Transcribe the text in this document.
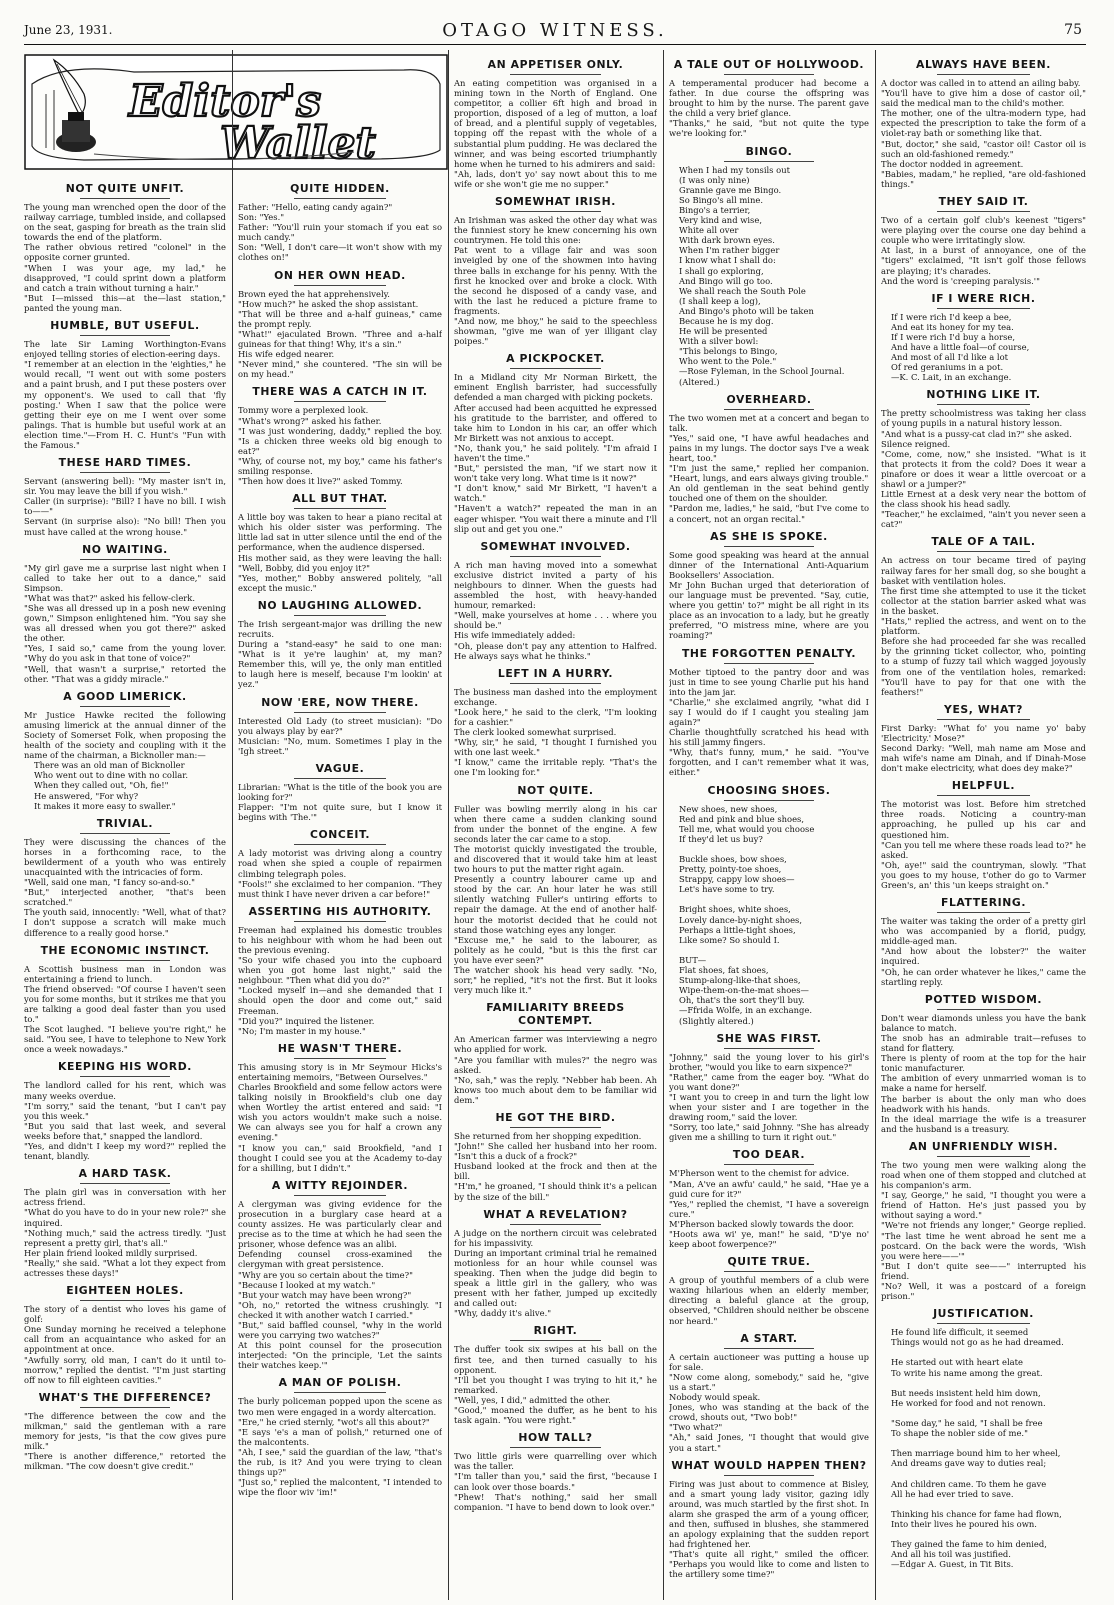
June 23, 1931.	OTAGO WITNESS.	75
Editor's
Wallet
NOT QUITE UNFIT.

The young man wrenched open the door of the railway carriage, tumbled inside, and collapsed on the seat, gasping for breath as the train slid towards the end of the platform.
The rather obvious retired "colonel" in the opposite corner grunted.
"When I was your age, my lad," he disapproved, "I could sprint down a platform and catch a train without turning a hair."
"But I—missed this—at the—last station," panted the young man.

HUMBLE, BUT USEFUL.

The late Sir Laming Worthington-Evans enjoyed telling stories of election-eering days.
"I remember at an election in the 'eighties," he would recall, "I went out with some posters and a paint brush, and I put these posters over my opponent's. We used to call that 'fly posting.' When I saw that the police were getting their eye on me I went over some palings. That is humble but useful work at an election time."—From H. C. Hunt's "Fun with the Famous."

THESE HARD TIMES.

Servant (answering bell): "My master isn't in, sir. You may leave the bill if you wish."
Caller (in surprise): "Bill? I have no bill. I wish to——"
Servant (in surprise also): "No bill! Then you must have called at the wrong house."

NO WAITING.

"My girl gave me a surprise last night when I called to take her out to a dance," said Simpson.
"What was that?" asked his fellow-clerk.
"She was all dressed up in a posh new evening gown," Simpson enlightened him. "You say she was all dressed when you got there?" asked the other.
"Yes, I said so," came from the young lover. "Why do you ask in that tone of voice?"
"Well, that wasn't a surprise," retorted the other. "That was a giddy miracle."

A GOOD LIMERICK.

Mr Justice Hawke recited the following amusing limerick at the annual dinner of the Society of Somerset Folk, when proposing the health of the society and coupling with it the name of the chairman, a Bicknoller man:—

There was an old man of Bicknoller
Who went out to dine with no collar.
When they called out, "Oh, fie!"
He answered, "For why?
It makes it more easy to swaller."

TRIVIAL.

They were discussing the chances of the horses in a forthcoming race, to the bewilderment of a youth who was entirely unacquainted with the intricacies of form.
"Well, said one man, "I fancy so-and-so."
"But," interjected another, "that's been scratched."
The youth said, innocently: "Well, what of that? I don't suppose a scratch will make much difference to a really good horse."

THE ECONOMIC INSTINCT.

A Scottish business man in London was entertaining a friend to lunch.
The friend observed: "Of course I haven't seen you for some months, but it strikes me that you are talking a good deal faster than you used to."
The Scot laughed. "I believe you're right," he said. "You see, I have to telephone to New York once a week nowadays."

KEEPING HIS WORD.

The landlord called for his rent, which was many weeks overdue.
"I'm sorry," said the tenant, "but I can't pay you this week."
"But you said that last week, and several weeks before that," snapped the landlord.
"Yes, and didn't I keep my word?" replied the tenant, blandly.

A HARD TASK.

The plain girl was in conversation with her actress friend.
"What do you have to do in your new role?" she inquired.
"Nothing much," said the actress tiredly. "Just represent a pretty girl, that's all."
Her plain friend looked mildly surprised.
"Really," she said. "What a lot they expect from actresses these days!"

EIGHTEEN HOLES.

The story of a dentist who loves his game of golf:
One Sunday morning he received a telephone call from an acquaintance who asked for an appointment at once.
"Awfully sorry, old man, I can't do it until to-morrow," replied the dentist. "I'm just starting off now to fill eighteen cavities."

WHAT'S THE DIFFERENCE?

"The difference between the cow and the milkman," said the gentleman with a rare memory for jests, "is that the cow gives pure milk."
"There is another difference," retorted the milkman. "The cow doesn't give credit."

QUITE HIDDEN.

Father: "Hello, eating candy again?"
Son: "Yes."
Father: "You'll ruin your stomach if you eat so much candy."
Son: "Well, I don't care—it won't show with my clothes on!"

ON HER OWN HEAD.

Brown eyed the hat apprehensively.
"How much?" he asked the shop assistant.
"That will be three and a-half guineas," came the prompt reply.
"What!" ejaculated Brown. "Three and a-half guineas for that thing! Why, it's a sin."
His wife edged nearer.
"Never mind," she countered. "The sin will be on my head."

THERE WAS A CATCH IN IT.

Tommy wore a perplexed look.
"What's wrong?" asked his father.
"I was just wondering, daddy," replied the boy. "Is a chicken three weeks old big enough to eat?"
"Why, of course not, my boy," came his father's smiling response.
"Then how does it live?" asked Tommy.

ALL BUT THAT.

A little boy was taken to hear a piano recital at which his older sister was performing. The little lad sat in utter silence until the end of the performance, when the audience dispersed.
His mother said, as they were leaving the hall: "Well, Bobby, did you enjoy it?"
"Yes, mother," Bobby answered politely, "all except the music."

NO LAUGHING ALLOWED.

The Irish sergeant-major was drilling the new recruits.
During a "stand-easy" he said to one man: "What is it ye're laughin' at, my man? Remember this, will ye, the only man entitled to laugh here is meself, because I'm lookin' at yez."

NOW 'ERE, NOW THERE.

Interested Old Lady (to street musician): "Do you always play by ear?"
Musician: "No, mum. Sometimes I play in the 'Igh street."

VAGUE.

Librarian: "What is the title of the book you are looking for?"
Flapper: "I'm not quite sure, but I know it begins with 'The.'"

CONCEIT.

A lady motorist was driving along a country road when she spied a couple of repairmen climbing telegraph poles.
"Fools!" she exclaimed to her companion. "They must think I have never driven a car before!"

ASSERTING HIS AUTHORITY.

Freeman had explained his domestic troubles to his neighbour with whom he had been out the previous evening.
"So your wife chased you into the cupboard when you got home last night," said the neighbour. "Then what did you do?"
"Locked myself in—and she demanded that I should open the door and come out," said Freeman.
"Did you?" inquired the listener.
"No; I'm master in my house."

HE WASN'T THERE.

This amusing story is in Mr Seymour Hicks's entertaining memoirs, "Between Ourselves."
Charles Brookfield and some fellow actors were talking noisily in Brookfield's club one day when Wortley the artist entered and said: "I wish you actors wouldn't make such a noise. We can always see you for half a crown any evening."
"I know you can," said Brookfield, "and I thought I could see you at the Academy to-day for a shilling, but I didn't."

A WITTY REJOINDER.

A clergyman was giving evidence for the prosecution in a burglary case heard at a county assizes. He was particularly clear and precise as to the time at which he had seen the prisoner, whose defence was an alibi.
Defending counsel cross-examined the clergyman with great persistence.
"Why are you so certain about the time?"
"Because I looked at my watch."
"But your watch may have been wrong?"
"Oh, no," retorted the witness crushingly. "I checked it with another watch I carried."
"But," said baffled counsel, "why in the world were you carrying two watches?"
At this point counsel for the prosecution interjected: "On the principle, 'Let the saints their watches keep.'"

A MAN OF POLISH.

The burly policeman popped upon the scene as two men were engaged in a wordy altercation.
"Ere," he cried sternly, "wot's all this about?"
"E says 'e's a man of polish," returned one of the malcontents.
"Ah, I see," said the guardian of the law, "that's the rub, is it? And you were trying to clean things up?"
"Just so," replied the malcontent, "I intended to wipe the floor wiv 'im!"

AN APPETISER ONLY.

An eating competition was organised in a mining town in the North of England. One competitor, a collier 6ft high and broad in proportion, disposed of a leg of mutton, a loaf of bread, and a plentiful supply of vegetables, topping off the repast with the whole of a substantial plum pudding. He was declared the winner, and was being escorted triumphantly home when he turned to his admirers and said:
"Ah, lads, don't yo' say nowt about this to me wife or she won't gie me no supper."

SOMEWHAT IRISH.

An Irishman was asked the other day what was the funniest story he knew concerning his own countrymen. He told this one:
Pat went to a village fair and was soon inveigled by one of the showmen into having three balls in exchange for his penny. With the first he knocked over and broke a clock. With the second he disposed of a candy vase, and with the last he reduced a picture frame to fragments.
"And now, me bhoy," he said to the speechless showman, "give me wan of yer illigant clay poipes."

A PICKPOCKET.

In a Midland city Mr Norman Birkett, the eminent English barrister, had successfully defended a man charged with picking pockets.
After accused had been acquitted he expressed his gratitude to the barrister, and offered to take him to London in his car, an offer which Mr Birkett was not anxious to accept.
"No, thank you," he said politely. "I'm afraid I haven't the time."
"But," persisted the man, "if we start now it won't take very long. What time is it now?"
"I don't know," said Mr Birkett, "I haven't a watch."
"Haven't a watch?" repeated the man in an eager whisper. "You wait there a minute and I'll slip out and get you one."

SOMEWHAT INVOLVED.

A rich man having moved into a somewhat exclusive district invited a party of his neighbours to dinner. When the guests had assembled the host, with heavy-handed humour, remarked:
"Well, make yourselves at home . . . where you should be."
His wife immediately added:
"Oh, please don't pay any attention to Halfred. He always says what he thinks."

LEFT IN A HURRY.

The business man dashed into the employment exchange.
"Look here," he said to the clerk, "I'm looking for a cashier."
The clerk looked somewhat surprised.
"Why, sir," he said, "I thought I furnished you with one last week."
"I know," came the irritable reply. "That's the one I'm looking for."

NOT QUITE.

Fuller was bowling merrily along in his car when there came a sudden clanking sound from under the bonnet of the engine. A few seconds later the car came to a stop.
The motorist quickly investigated the trouble, and discovered that it would take him at least two hours to put the matter right again.
Presently a country labourer came up and stood by the car. An hour later he was still silently watching Fuller's untiring efforts to repair the damage. At the end of another half-hour the motorist decided that he could not stand those watching eyes any longer.
"Excuse me," he said to the labourer, as politely as he could, "but is this the first car you have ever seen?"
The watcher shook his head very sadly. "No, sorr," he replied, "it's not the first. But it looks very much like it."

FAMILIARITY BREEDS CONTEMPT.

An American farmer was interviewing a negro who applied for work.
"Are you familiar with mules?" the negro was asked.
"No, sah," was the reply. "Nebber hab been. Ah knows too much about dem to be familiar wid dem."

HE GOT THE BIRD.

She returned from her shopping expedition.
"John!" She called her husband into her room. "Isn't this a duck of a frock?"
Husband looked at the frock and then at the bill.
"H'm," he groaned, "I should think it's a pelican by the size of the bill."

WHAT A REVELATION?

A judge on the northern circuit was celebrated for his impassivity.
During an important criminal trial he remained motionless for an hour while counsel was speaking. Then when the judge did begin to speak a little girl in the gallery, who was present with her father, jumped up excitedly and called out:
"Why, daddy it's alive."

RIGHT.

The duffer took six swipes at his ball on the first tee, and then turned casually to his opponent.
"I'll bet you thought I was trying to hit it," he remarked.
"Well, yes, I did," admitted the other.
"Good," moaned the duffer, as he bent to his task again. "You were right."

HOW TALL?

Two little girls were quarrelling over which was the taller.
"I'm taller than you," said the first, "because I can look over those boards."
"Phew! That's nothing," said her small companion. "I have to bend down to look over."

A TALE OUT OF HOLLYWOOD.

A temperamental producer had become a father. In due course the offspring was brought to him by the nurse. The parent gave the child a very brief glance.
"Thanks," he said, "but not quite the type we're looking for."

BINGO.

When I had my tonsils out
(I was only nine)
Grannie gave me Bingo.
So Bingo's all mine.
Bingo's a terrier,
Very kind and wise,
White all over
With dark brown eyes.
When I'm rather bigger
I know what I shall do:
I shall go exploring,
And Bingo will go too.
We shall reach the South Pole
(I shall keep a log),
And Bingo's photo will be taken
Because he is my dog.
He will be presented
With a silver bowl:
"This belongs to Bingo,
Who went to the Pole."
—Rose Fyleman, in the School Journal.
(Altered.)

OVERHEARD.

The two women met at a concert and began to talk.
"Yes," said one, "I have awful headaches and pains in my lungs. The doctor says I've a weak heart, too."
"I'm just the same," replied her companion. "Heart, lungs, and ears always giving trouble."
An old gentleman in the seat behind gently touched one of them on the shoulder.
"Pardon me, ladies," he said, "but I've come to a concert, not an organ recital."

AS SHE IS SPOKE.

Some good speaking was heard at the annual dinner of the International Anti-Aquarium Booksellers' Association.
Mr John Buchan urged that deterioration of our language must be prevented. "Say, cutie, where you gettin' to?" might be all right in its place as an invocation to a lady, but he greatly preferred, "O mistress mine, where are you roaming?"

THE FORGOTTEN PENALTY.

Mother tiptoed to the pantry door and was just in time to see young Charlie put his hand into the jam jar.
"Charlie," she exclaimed angrily, "what did I say I would do if I caught you stealing jam again?"
Charlie thoughtfully scratched his head with his still jammy fingers.
"Why, that's funny, mum," he said. "You've forgotten, and I can't remember what it was, either."

CHOOSING SHOES.

New shoes, new shoes,
Red and pink and blue shoes,
Tell me, what would you choose
If they'd let us buy?

Buckle shoes, bow shoes,
Pretty, pointy-toe shoes,
Strappy, cappy low shoes—
Let's have some to try.

Bright shoes, white shoes,
Lovely dance-by-night shoes,
Perhaps a little-tight shoes,
Like some? So should I.

BUT—
Flat shoes, fat shoes,
Stump-along-like-that shoes,
Wipe-them-on-the-mat shoes—
Oh, that's the sort they'll buy.
—Ffrida Wolfe, in an exchange.
(Slightly altered.)

SHE WAS FIRST.

"Johnny," said the young lover to his girl's brother, "would you like to earn sixpence?"
"Rather," came from the eager boy. "What do you want done?"
"I want you to creep in and turn the light low when your sister and I are together in the drawing room," said the lover.
"Sorry, too late," said Johnny. "She has already given me a shilling to turn it right out."

TOO DEAR.

M'Pherson went to the chemist for advice.
"Man, A've an awfu' cauld," he said, "Hae ye a guid cure for it?"
"Yes," replied the chemist, "I have a sovereign cure."
M'Pherson backed slowly towards the door.
"Hoots awa wi' ye, man!" he said, "D'ye no' keep aboot fowerpence?"

QUITE TRUE.

A group of youthful members of a club were waxing hilarious when an elderly member, directing a baleful glance at the group, observed, "Children should neither be obscene nor heard."

A START.

A certain auctioneer was putting a house up for sale.
"Now come along, somebody," said he, "give us a start."
Nobody would speak.
Jones, who was standing at the back of the crowd, shouts out, "Two bob!"
"Two what?"
"Ah," said Jones, "I thought that would give you a start."

WHAT WOULD HAPPEN THEN?

Firing was just about to commence at Bisley, and a smart young lady visitor, gazing idly around, was much startled by the first shot. In alarm she grasped the arm of a young officer, and then, suffused in blushes, she stammered an apology explaining that the sudden report had frightened her.
"That's quite all right," smiled the officer. "Perhaps you would like to come and listen to the artillery some time?"

ALWAYS HAVE BEEN.

A doctor was called in to attend an ailing baby.
"You'll have to give him a dose of castor oil," said the medical man to the child's mother.
The mother, one of the ultra-modern type, had expected the prescription to take the form of a violet-ray bath or something like that.
"But, doctor," she said, "castor oil! Castor oil is such an old-fashioned remedy."
The doctor nodded in agreement.
"Babies, madam," he replied, "are old-fashioned things."

THEY SAID IT.

Two of a certain golf club's keenest "tigers" were playing over the course one day behind a couple who were irritatingly slow.
At last, in a burst of annoyance, one of the "tigers" exclaimed, "It isn't golf those fellows are playing; it's charades.
And the word is 'creeping paralysis.'"

IF I WERE RICH.

If I were rich I'd keep a bee,
And eat its honey for my tea.
If I were rich I'd buy a horse,
And have a little foal—of course,
And most of all I'd like a lot
Of red geraniums in a pot.
—K. C. Lait, in an exchange.

NOTHING LIKE IT.

The pretty schoolmistress was taking her class of young pupils in a natural history lesson.
"And what is a pussy-cat clad in?" she asked.
Silence reigned.
"Come, come, now," she insisted. "What is it that protects it from the cold? Does it wear a pinafore or does it wear a little overcoat or a shawl or a jumper?"
Little Ernest at a desk very near the bottom of the class shook his head sadly.
"Teacher," he exclaimed, "ain't you never seen a cat?"

TALE OF A TAIL.

An actress on tour became tired of paying railway fares for her small dog, so she bought a basket with ventilation holes.
The first time she attempted to use it the ticket collector at the station barrier asked what was in the basket.
"Hats," replied the actress, and went on to the platform.
Before she had proceeded far she was recalled by the grinning ticket collector, who, pointing to a stump of fuzzy tail which wagged joyously from one of the ventilation holes, remarked: "You'll have to pay for that one with the feathers!"

YES, WHAT?

First Darky: "What fo' you name yo' baby 'Electricity.' Mose?"
Second Darky: "Well, mah name am Mose and mah wife's name am Dinah, and if Dinah-Mose don't make electricity, what does dey make?"

HELPFUL.

The motorist was lost. Before him stretched three roads. Noticing a country-man approaching, he pulled up his car and questioned him.
"Can you tell me where these roads lead to?" he asked.
"Oh, aye!" said the countryman, slowly. "That you goes to my house, t'other do go to Varmer Green's, an' this 'un keeps straight on."

FLATTERING.

The waiter was taking the order of a pretty girl who was accompanied by a florid, pudgy, middle-aged man.
"And how about the lobster?" the waiter inquired.
"Oh, he can order whatever he likes," came the startling reply.

POTTED WISDOM.

Don't wear diamonds unless you have the bank balance to match.
The snob has an admirable trait—refuses to stand for flattery.
There is plenty of room at the top for the hair tonic manufacturer.
The ambition of every unmarried woman is to make a name for herself.
The barber is about the only man who does headwork with his hands.
In the ideal marriage the wife is a treasurer and the husband is a treasury.

AN UNFRIENDLY WISH.

The two young men were walking along the road when one of them stopped and clutched at his companion's arm.
"I say, George," he said, "I thought you were a friend of Hatton. He's just passed you by without saying a word."
"We're not friends any longer," George replied. "The last time he went abroad he sent me a postcard. On the back were the words, 'Wish you were here——'"
"But I don't quite see——" interrupted his friend.
"No? Well, it was a postcard of a foreign prison."

JUSTIFICATION.

He found life difficult, it seemed
Things would not go as he had dreamed.

He started out with heart elate
To write his name among the great.

But needs insistent held him down,
He worked for food and not renown.

"Some day," he said, "I shall be free
To shape the nobler side of me."

Then marriage bound him to her wheel,
And dreams gave way to duties real;

And children came. To them he gave
All he had ever tried to save.

Thinking his chance for fame had flown,
Into their lives he poured his own.

They gained the fame to him denied,
And all his toil was justified.
—Edgar A. Guest, in Tit Bits.
